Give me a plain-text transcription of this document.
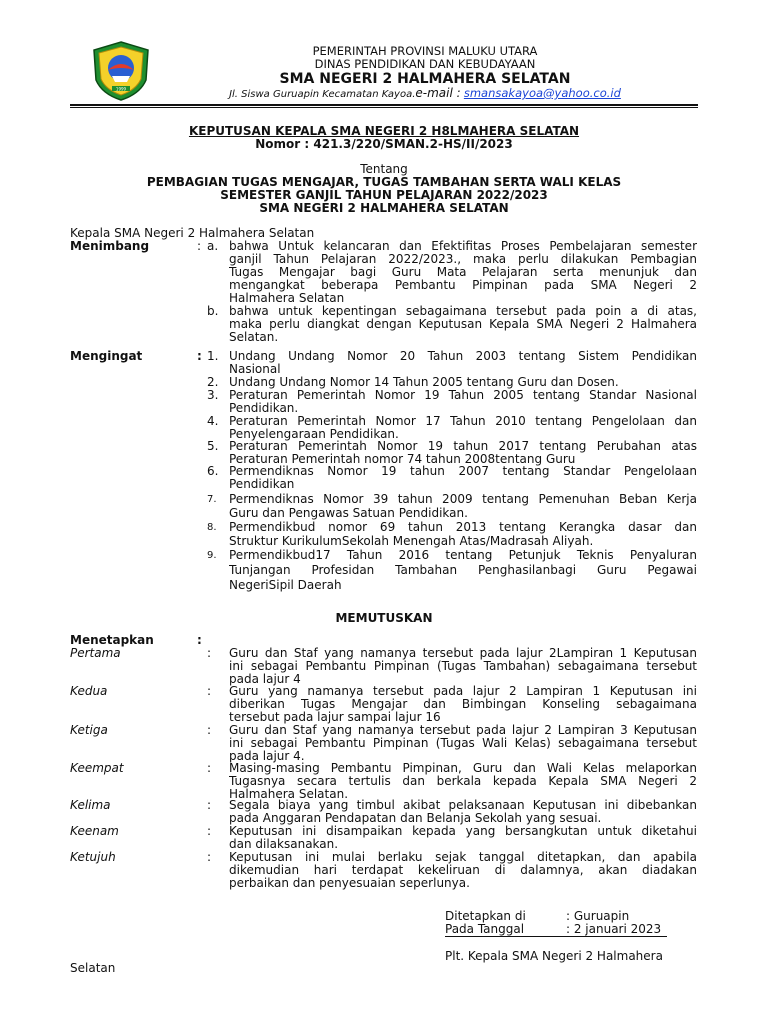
1999
PEMERINTAH PROVINSI MALUKU UTARA
DINAS PENDIDIKAN DAN KEBUDAYAAN
SMA NEGERI 2 HALMAHERA SELATAN
Jl. Siswa Guruapin Kecamatan Kayoa.e-mail : smansakayoa@yahoo.co.id
KEPUTUSAN KEPALA SMA NEGERI 2 H8LMAHERA SELATAN
Nomor : 421.3/220/SMAN.2-HS/II/2023
Tentang
PEMBAGIAN TUGAS MENGAJAR, TUGAS TAMBAHAN SERTA WALI KELAS
SEMESTER GANJIL TAHUN PELAJARAN 2022/2023
SMA NEGERI 2 HALMAHERA SELATAN
Kepala SMA Negeri 2 Halmahera Selatan
Menimbang	: a. bahwa Untuk kelancaran dan Efektifitas Proses Pembelajaran semester
ganjil Tahun Pelajaran 2022/2023., maka perlu dilakukan Pembagian
Tugas Mengajar bagi Guru Mata Pelajaran serta menunjuk dan
mengangkat beberapa Pembantu Pimpinan pada SMA Negeri 2
Halmahera Selatan
b. bahwa untuk kepentingan sebagaimana tersebut pada poin a di atas,
maka perlu diangkat dengan Keputusan Kepala SMA Negeri 2 Halmahera
Selatan.
Mengingat	: 1. Undang Undang Nomor 20 Tahun 2003 tentang Sistem Pendidikan
Nasional
2. Undang Undang Nomor 14 Tahun 2005 tentang Guru dan Dosen.
3. Peraturan Pemerintah Nomor 19 Tahun 2005 tentang Standar Nasional
Pendidikan.
4. Peraturan Pemerintah Nomor 17 Tahun 2010 tentang Pengelolaan dan
Penyelengaraan Pendidikan.
5. Peraturan Pemerintah Nomor 19 tahun 2017 tentang Perubahan atas
Peraturan Pemerintah nomor 74 tahun 2008tentang Guru
6. Permendiknas Nomor 19 tahun 2007 tentang Standar Pengelolaan
Pendidikan
7. Permendiknas Nomor 39 tahun 2009 tentang Pemenuhan Beban Kerja
Guru dan Pengawas Satuan Pendidikan.
8. Permendikbud nomor 69 tahun 2013 tentang Kerangka dasar dan
Struktur KurikulumSekolah Menengah Atas/Madrasah Aliyah.
9. Permendikbud17 Tahun 2016 tentang Petunjuk Teknis Penyaluran
Tunjangan Profesidan Tambahan Penghasilanbagi Guru Pegawai
NegeriSipil Daerah
MEMUTUSKAN
Menetapkan	:
Pertama	: Guru dan Staf yang namanya tersebut pada lajur 2Lampiran 1 Keputusan
ini sebagai Pembantu Pimpinan (Tugas Tambahan) sebagaimana tersebut
pada lajur 4
Kedua	: Guru yang namanya tersebut pada lajur 2 Lampiran 1 Keputusan ini
diberikan Tugas Mengajar dan Bimbingan Konseling sebagaimana
tersebut pada lajur sampai lajur 16
Ketiga	: Guru dan Staf yang namanya tersebut pada lajur 2 Lampiran 3 Keputusan
ini sebagai Pembantu Pimpinan (Tugas Wali Kelas) sebagaimana tersebut
pada lajur 4.
Keempat	: Masing-masing Pembantu Pimpinan, Guru dan Wali Kelas melaporkan
Tugasnya secara tertulis dan berkala kepada Kepala SMA Negeri 2
Halmahera Selatan.
Kelima	: Segala biaya yang timbul akibat pelaksanaan Keputusan ini dibebankan
pada Anggaran Pendapatan dan Belanja Sekolah yang sesuai.
Keenam	: Keputusan ini disampaikan kepada yang bersangkutan untuk diketahui
dan dilaksanakan.
Ketujuh	: Keputusan ini mulai berlaku sejak tanggal ditetapkan, dan apabila
dikemudian hari terdapat kekeliruan di dalamnya, akan diadakan
perbaikan dan penyesuaian seperlunya.
Ditetapkan di	: Guruapin
Pada Tanggal	: 2 januari 2023
Plt. Kepala SMA Negeri 2 Halmahera
Selatan
